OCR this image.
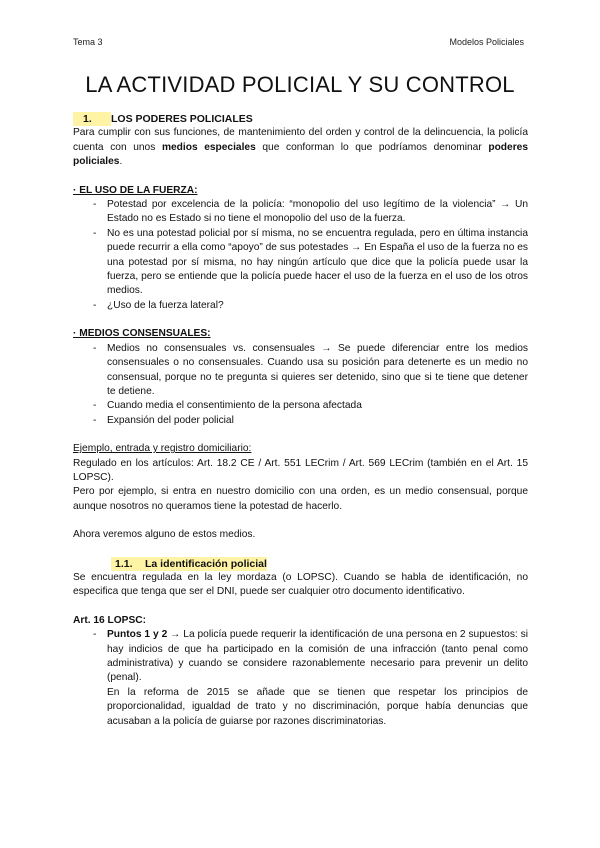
Tema 3	Modelos Policiales
LA ACTIVIDAD POLICIAL Y SU CONTROL
1.	LOS PODERES POLICIALES

Para cumplir con sus funciones, de mantenimiento del orden y control de la delincuencia, la policía cuenta con unos medios especiales que conforman lo que podríamos denominar poderes policiales.

· EL USO DE LA FUERZA:

- Potestad por excelencia de la policía: “monopolio del uso legítimo de la violencia” → Un Estado no es Estado si no tiene el monopolio del uso de la fuerza.
- No es una potestad policial por sí misma, no se encuentra regulada, pero en última instancia puede recurrir a ella como “apoyo” de sus potestades → En España el uso de la fuerza no es una potestad por sí misma, no hay ningún artículo que dice que la policía puede usar la fuerza, pero se entiende que la policía puede hacer el uso de la fuerza en el uso de los otros medios.
- ¿Uso de la fuerza lateral?

· MEDIOS CONSENSUALES:

- Medios no consensuales vs. consensuales → Se puede diferenciar entre los medios consensuales o no consensuales. Cuando usa su posición para detenerte es un medio no consensual, porque no te pregunta si quieres ser detenido, sino que si te tiene que detener te detiene.
- Cuando media el consentimiento de la persona afectada
- Expansión del poder policial

Ejemplo, entrada y registro domiciliario:

Regulado en los artículos: Art. 18.2 CE / Art. 551 LECrim / Art. 569 LECrim (también en el Art. 15 LOPSC).

Pero por ejemplo, si entra en nuestro domicilio con una orden, es un medio consensual, porque aunque nosotros no queramos tiene la potestad de hacerlo.

Ahora veremos alguno de estos medios.

1.1.	La identificación policial

Se encuentra regulada en la ley mordaza (o LOPSC). Cuando se habla de identificación, no especifica que tenga que ser el DNI, puede ser cualquier otro documento identificativo.

Art. 16 LOPSC:

- Puntos 1 y 2 → La policía puede requerir la identificación de una persona en 2 supuestos: si hay indicios de que ha participado en la comisión de una infracción (tanto penal como administrativa) y cuando se considere razonablemente necesario para prevenir un delito (penal).
En la reforma de 2015 se añade que se tienen que respetar los principios de proporcionalidad, igualdad de trato y no discriminación, porque había denuncias que acusaban a la policía de guiarse por razones discriminatorias.
